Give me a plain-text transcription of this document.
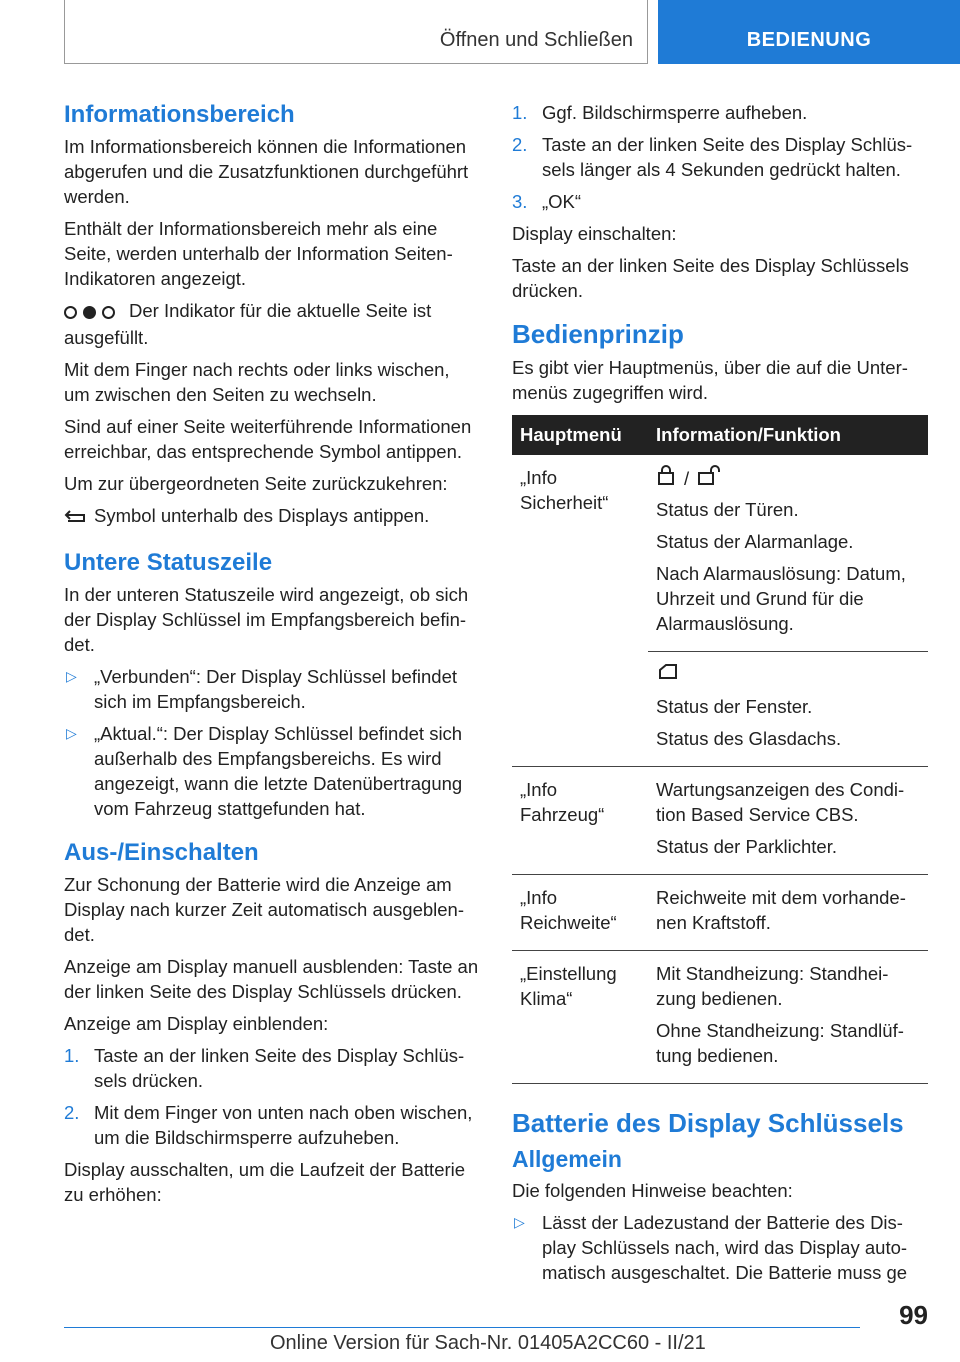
Öffnen und Schließen	BEDIENUNG
Informationsbereich

Im Informationsbereich können die Informationen abgerufen und die Zusatzfunktionen durchgeführt werden.

Enthält der Informationsbereich mehr als eine Seite, werden unterhalb der Information SeitenIndikatoren angezeigt.

Der Indikator für die aktuelle Seite ist ausgefüllt.

Mit dem Finger nach rechts oder links wischen, um zwischen den Seiten zu wechseln.

Sind auf einer Seite weiterführende Informationen erreichbar, das entsprechende Symbol antippen.

Um zur übergeordneten Seite zurückzukehren:

Symbol unterhalb des Displays antippen.

Untere Statuszeile

In der unteren Statuszeile wird angezeigt, ob sich der Display Schlüssel im Empfangsbereich befindet.

▷ „Verbunden“: Der Display Schlüssel befindet sich im Empfangsbereich.
▷ „Aktual.“: Der Display Schlüssel befindet sich außerhalb des Empfangsbereichs. Es wird angezeigt, wann die letzte Datenübertragung vom Fahrzeug stattgefunden hat.
Aus-/Einschalten

Zur Schonung der Batterie wird die Anzeige am Display nach kurzer Zeit automatisch ausgeblendet.

Anzeige am Display manuell ausblenden: Taste an der linken Seite des Display Schlüssels drücken.

Anzeige am Display einblenden:

1. Taste an der linken Seite des Display Schlüssels drücken.
2. Mit dem Finger von unten nach oben wischen, um die Bildschirmsperre aufzuheben.

Display ausschalten, um die Laufzeit der Batterie zu erhöhen:

1. Ggf. Bildschirmsperre aufheben.
2. Taste an der linken Seite des Display Schlüssels länger als 4 Sekunden gedrückt halten.
3. „OK“

Display einschalten:

Taste an der linken Seite des Display Schlüssels drücken.

Bedienprinzip

Es gibt vier Hauptmenüs, über die auf die Untermenüs zugegriffen wird.

Hauptmenü	Information/Funktion
„Info Sicherheit“	/

Status der Türen.

Status der Alarmanlage.

Nach Alarmauslösung: Datum, Uhrzeit und Grund für die Alarmauslösung.

	Status der Fenster.

Status des Glasdachs.

„Info Fahrzeug“	Wartungsanzeigen des Condition Based Service CBS.

Status der Parklichter.

„Info Reichweite“	Reichweite mit dem vorhandenen Kraftstoff.

„Einstellung Klima“	Mit Standheizung: Standheizung bedienen.

Ohne Standheizung: Standlüftung bedienen.

Batterie des Display Schlüssels
Allgemein

Die folgenden Hinweise beachten:

▷ Lässt der Ladezustand der Batterie des Display Schlüssels nach, wird das Display automatisch ausgeschaltet. Die Batterie muss ge
99
Online Version für Sach-Nr. 01405A2CC60 - II/21
